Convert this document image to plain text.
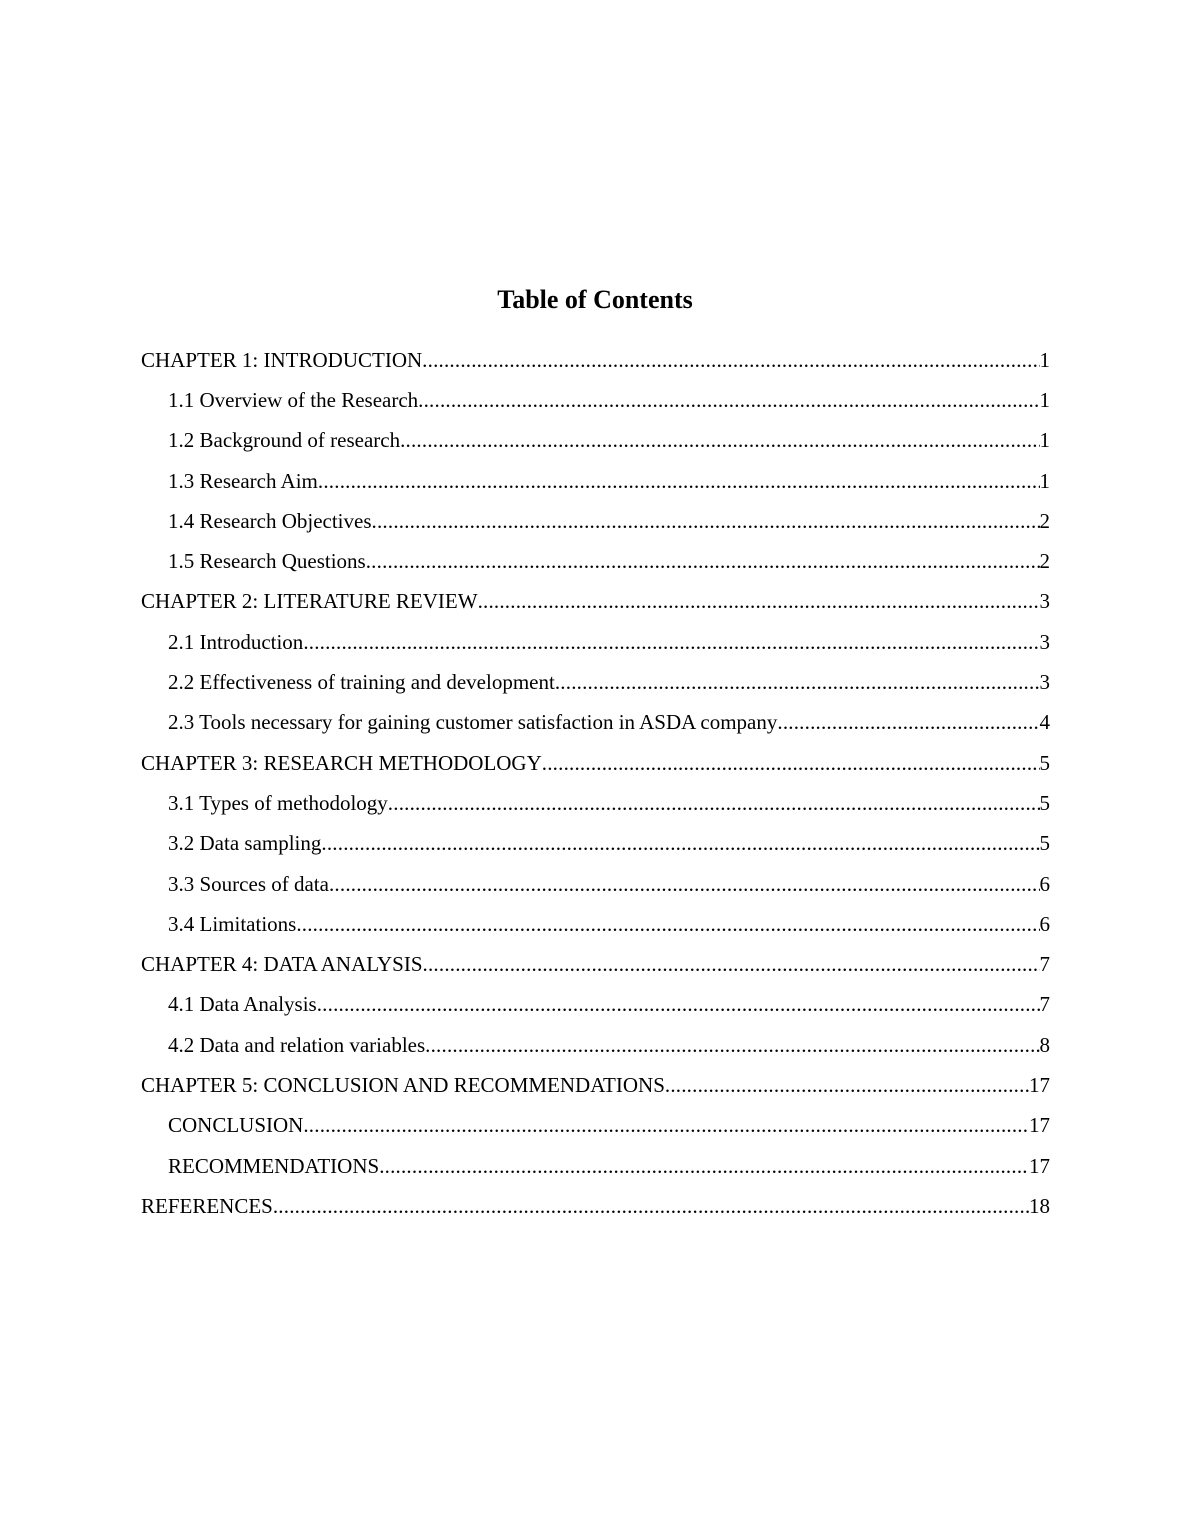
Table of Contents
CHAPTER 1: INTRODUCTION .....	1
1.1 Overview of the Research .....	1
1.2 Background of research .....	1
1.3 Research Aim .....	1
1.4 Research Objectives .....	2
1.5 Research Questions .....	2
CHAPTER 2: LITERATURE REVIEW .....	3
2.1 Introduction .....	3
2.2 Effectiveness of training and development .....	3
2.3 Tools necessary for gaining customer satisfaction in ASDA company .....	4
CHAPTER 3: RESEARCH METHODOLOGY .....	5
3.1 Types of methodology .....	5
3.2 Data sampling .....	5
3.3 Sources of data .....	6
3.4 Limitations .....	6
CHAPTER 4: DATA ANALYSIS .....	7
4.1 Data Analysis .....	7
4.2 Data and relation variables .....	8
CHAPTER 5: CONCLUSION AND RECOMMENDATIONS .....	17
CONCLUSION .....	17
RECOMMENDATIONS .....	17
REFERENCES .....	18
